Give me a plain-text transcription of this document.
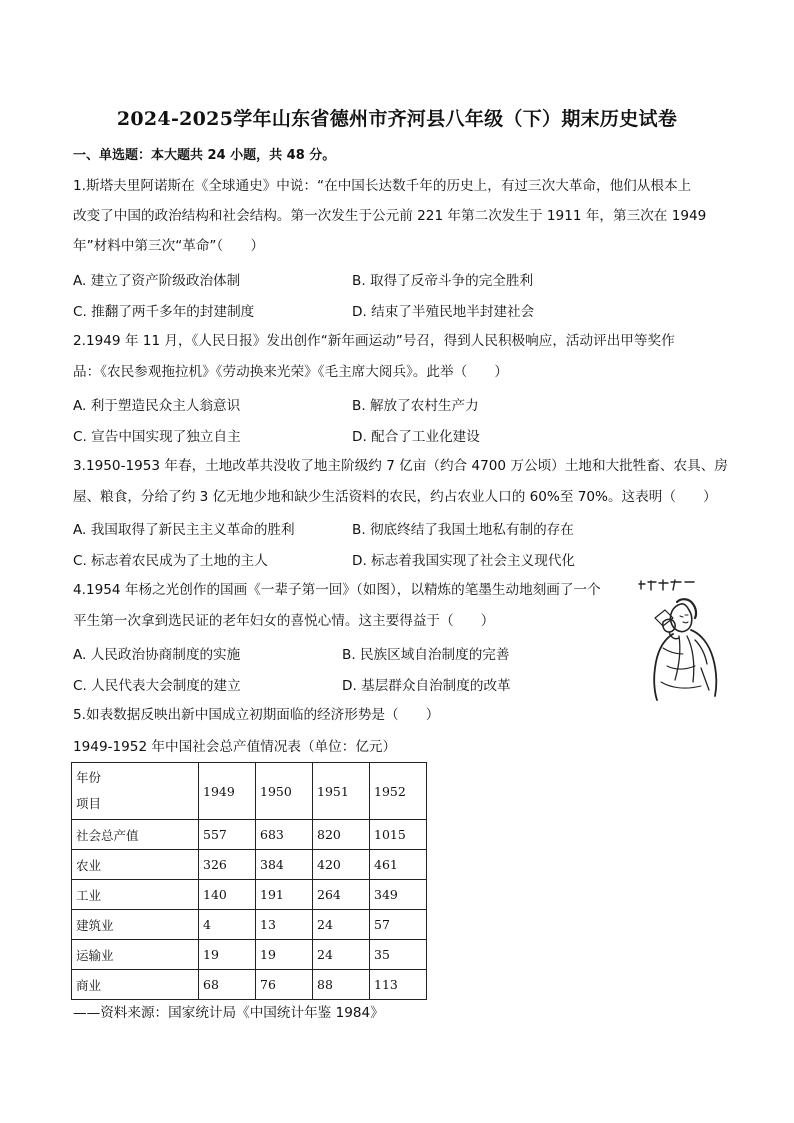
2024-2025学年山东省德州市齐河县八年级（下）期末历史试卷
一、单选题：本大题共 24 小题，共 48 分。
1.斯塔夫里阿诺斯在《全球通史》中说：“在中国长达数千年的历史上，有过三次大革命，他们从根本上
改变了中国的政治结构和社会结构。第一次发生于公元前 221 年第二次发生于 1911 年，第三次在 1949
年”材料中第三次“革命”（　　）
A. 建立了资产阶级政治体制	B. 取得了反帝斗争的完全胜利
C. 推翻了两千多年的封建制度	D. 结束了半殖民地半封建社会
2.1949 年 11 月，《人民日报》发出创作“新年画运动”号召，得到人民积极响应，活动评出甲等奖作
品：《农民参观拖拉机》《劳动换来光荣》《毛主席大阅兵》。此举（　　）
A. 利于塑造民众主人翁意识	B. 解放了农村生产力
C. 宣告中国实现了独立自主	D. 配合了工业化建设
3.1950-1953 年春，土地改革共没收了地主阶级约 7 亿亩（约合 4700 万公顷）土地和大批牲畜、农具、房
屋、粮食，分给了约 3 亿无地少地和缺少生活资料的农民，约占农业人口的 60%至 70%。这表明（　　）
A. 我国取得了新民主主义革命的胜利	B. 彻底终结了我国土地私有制的存在
C. 标志着农民成为了土地的主人	D. 标志着我国实现了社会主义现代化
4.1954 年杨之光创作的国画《一辈子第一回》（如图），以精炼的笔墨生动地刻画了一个
平生第一次拿到选民证的老年妇女的喜悦心情。这主要得益于（　　）
A. 人民政治协商制度的实施	B. 民族区域自治制度的完善
C. 人民代表大会制度的建立	D. 基层群众自治制度的改革
5.如表数据反映出新中国成立初期面临的经济形势是（　　）
1949-1952 年中国社会总产值情况表（单位：亿元）
年份
项目	1949	1950	1951	1952
社会总产值	557	683	820	1015
农业	326	384	420	461
工业	140	191	264	349
建筑业	4	13	24	57
运输业	19	19	24	35
商业	68	76	88	113
——资料来源：国家统计局《中国统计年鉴 1984》
